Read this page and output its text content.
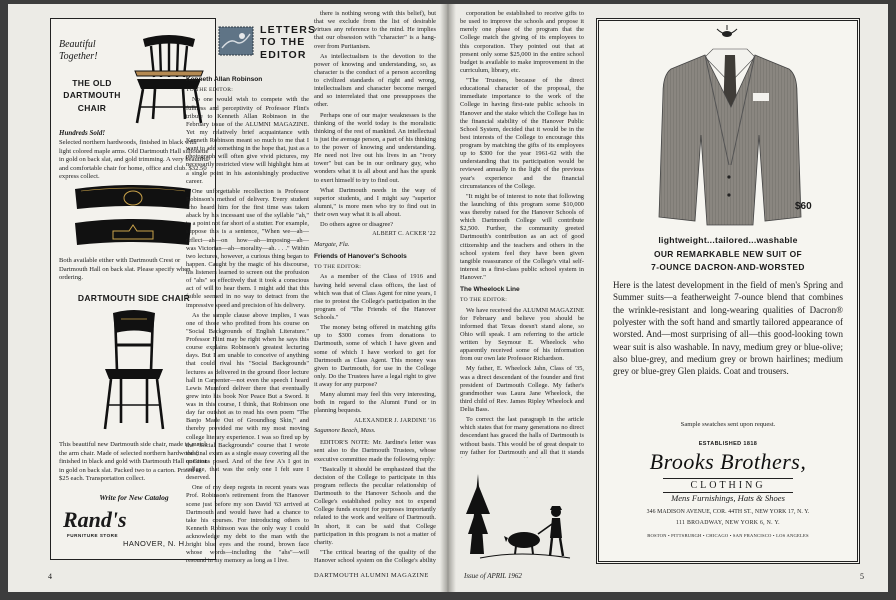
Beautiful Together!
THE OLD DARTMOUTH CHAIR
Hundreds Sold!
Selected northern hardwoods, finished in black with light colored maple arms. Old Dartmouth Hall silhouette in gold on back slat, and gold trimming. A very beautiful and comfortable chair for home, office and club. $32.50 express collect.
Both available either with Dartmouth Crest or Dartmouth Hall on back slat. Please specify when ordering.
DARTMOUTH SIDE CHAIR
This beautiful new Dartmouth side chair, made to match the arm chair. Made of selected northern hardwoods; finished in black and gold with Dartmouth Hall or Crest in gold on back slat. Packed two to a carton. Priced at $25 each. Transportation collect.
Write for New Catalog
Rand's
FURNITURE STORE
HANOVER, N. H.
LETTERS TO THE EDITOR

Kenneth Allan Robinson

TO THE EDITOR:

No one would wish to compete with the fullness and perceptivity of Professor Flint's tribute to Kenneth Allan Robinson in the February issue of the ALUMNI MAGAZINE. Yet my relatively brief acquaintance with Kenneth Robinson meant so much to me that I want to add something in the hope that, just as a photograph will often give vivid pictures, my necessarily restricted view will highlight him at a single point in his astonishingly productive career.

One unforgettable recollection is Professor Robinson's method of delivery. Every student who heard him for the first time was taken aback by his incessant use of the syllable "ah," to a point not far short of a stutter. For example, suppose this is a sentence, "When we—ah—reflect—ah—on how—ah—imposing—ah—was Victorian—ah—morality—ah. . . ." Within two lectures, however, a curious thing began to happen. Caught by the magic of his discourse, his listeners learned to screen out the profusion of "ahs" so effectively that it took a conscious act of will to hear them. I might add that this foible seemed in no way to detract from the impressive speed and precision of his delivery.

As the sample clause above implies, I was one of those who profited from his course on "Social Backgrounds of English Literature." Professor Flint may be right when he says this course explains Robinson's greatest lecturing days. But I am unable to conceive of anything that could rival his "Social Backgrounds" lectures as delivered in the ground floor lecture hall in Carpenter—not even the speech I heard Lewis Mumford deliver there that eventually grew into his book Nor Peace But a Sword. It was in this course, I think, that Robinson one day far outshot as to read his own poem "The Banjo Made Out of Groundhog Skin," and thereby provided me with my most moving college literary experience. I was so fired up by the "Social Backgrounds" course that I wrote the final exam as a single essay covering all the questions posed. And of the few A's I got in college, that was the only one I felt sure I deserved.

One of my deep regrets in recent years was Prof. Robinson's retirement from the Hanover scene just before my son David '63 arrived at Dartmouth and would have had a chance to take his courses. For introducing others to Kenneth Robinson was the only way I could acknowledge my debt to the man with the bright blue eyes and the round, brown face whose words—including the "ahs"—will resound in my memory as long as I live.

there is nothing wrong with this belief), but that we exclude from the list of desirable virtues any reference to the mind. He implies that our obsession with "character" is a hang-over from Puritanism.

As intellectualism is the devotion to the power of knowing and understanding, so, as character is the conduct of a person according to civilized standards of right and wrong, intellectualism and character become merged and so interrelated that one presupposes the other.

Perhaps one of our major weaknesses is the thinking of the world today is the moralistic thinking of the rest of mankind. An intellectual is just the average person, a part of his thinking to the power of knowing and understanding. He need not live out his lives in an "ivory tower" but can be in our ordinary guy, who wonders what it is all about and has the spunk to exert himself to try to find out.

What Dartmouth needs in the way of superior students, and I might say "superior alumni," is more men who try to find out in their own way what it is all about.

Do others agree or disagree?

ALBERT C. ACKER '22

Margate, Fla.

Friends of Hanover's Schools

TO THE EDITOR:

As a member of the Class of 1916 and having held several class offices, the last of which was that of Class Agent for nine years, I rise to protest the College's participation in the program of "The Friends of the Hanover Schools."

The money being offered in matching gifts up to $300 comes from donations to Dartmouth, some of which I have given and some of which I have worked to get for Dartmouth as Class Agent. This money was given to Dartmouth, for use in the College only. Do the Trustees have a legal right to give it away for any purpose?

Many alumni may feel this very interesting, both in regard to the Alumni Fund or in planning bequests.

ALEXANDER J. JARDINE '16

Sagamore Beach, Mass.

EDITOR'S NOTE: Mr. Jardine's letter was sent also to the Dartmouth Trustees, whose executive committee made the following reply:

"Basically it should be emphasized that the decision of the College to participate in this program reflects the peculiar relationship of Dartmouth to the Hanover Schools and the College's established policy not to expend College funds except for purposes importantly related to the work and welfare of Dartmouth. In short, it can be said that College participation in this program is not a matter of charity.

"The critical bearing of the quality of the Hanover school system on the College's ability

4	DARTMOUTH ALUMNI MAGAZINE

corporation be established to receive gifts to be used to improve the schools and propose it merely one phase of the program that the College match the giving of its employees to this corporation. They pointed out that at present only some $25,000 in the entire school budget is available to make improvement in the curriculum, library, etc.

"The Trustees, because of the direct educational character of the proposal, the immediate importance to the work of the College in having first-rate public schools in Hanover and the stake which the College has in the financial stability of the Hanover Public School System, decided that it would be in the best interests of the College to encourage this program by matching the gifts of its employees up to $300 for the year 1961-62 with the understanding that its participation would be reviewed annually in the light of the previous year's experience and the financial circumstances of the College.

"It might be of interest to note that following the launching of this program some $10,000 was thereby raised for the Hanover Schools of which Dartmouth College will contribute $2,500. Further, the community greeted Dartmouth's contribution as an act of good citizenship and the teachers and others in the school system feel they have been given tangible reassurance of the College's vital self-interest in a first-class public school system in Hanover."

The Wheelock Line

TO THE EDITOR:

We have received the ALUMNI MAGAZINE for February and believe you should be informed that Texas doesn't stand alone, so Ohio will speak. I am referring to the article written by Seymour E. Wheelock who apparently received some of his information from our own late Professor Richardson.

My father, E. Wheelock Jahn, Class of '35, was a direct descendant of the founder and first president of Dartmouth College. My father's grandmother was Laura Jane Wheelock, the third child of Rev. James Ripley Wheelock and Delia Bass.

To correct the last paragraph in the article which states that for many generations no direct descendant has graced the halls of Dartmouth is without basis. This would be of great despair to my father for Dartmouth and all that it stands

Issue of APRIL 1962
$60
lightweight...tailored...washable
OUR REMARKABLE NEW SUIT OF
7-OUNCE DACRON-AND-WORSTED
Here is the latest development in the field of men's Spring and Summer suits—a featherweight 7-ounce blend that combines the wrinkle-resistant and long-wearing qualities of Dacron® polyester with the soft hand and smartly tailored appearance of worsted. And—most surprising of all—this good-looking town wear suit is also washable. In navy, medium grey or blue-olive; also blue-grey, and medium grey or brown hairlines; medium grey or blue-grey Glen plaids. Coat and trousers.
Sample swatches sent upon request.
ESTABLISHED 1818
Brooks Brothers,
CLOTHING
Mens Furnishings, Hats & Shoes
346 MADISON AVENUE, COR. 44TH ST., NEW YORK 17, N. Y.
111 BROADWAY, NEW YORK 6, N. Y.
BOSTON • PITTSBURGH • CHICAGO • SAN FRANCISCO • LOS ANGELES
5
